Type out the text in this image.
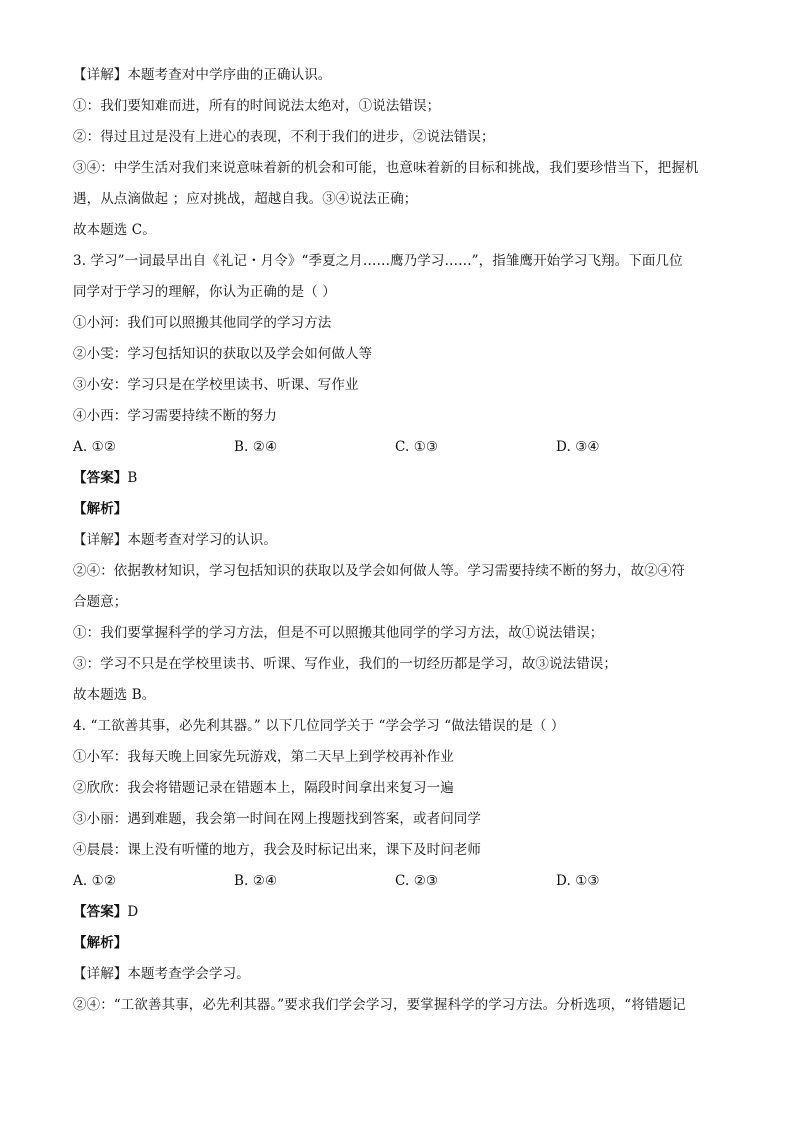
【详解】本题考查对中学序曲的正确认识。
①：我们要知难而进，所有的时间说法太绝对，①说法错误；
②：得过且过是没有上进心的表现，不利于我们的进步，②说法错误；
③④：中学生活对我们来说意味着新的机会和可能，也意味着新的目标和挑战，我们要珍惜当下，把握机
遇，从点滴做起 ；应对挑战，超越自我。③④说法正确；
故本题选 C。
3. 学习”一词最早出自《礼记・月令》“季夏之月……鹰乃学习……”，指雏鹰开始学习飞翔。下面几位
同学对于学习的理解，你认为正确的是（ ）
①小河：我们可以照搬其他同学的学习方法
②小雯：学习包括知识的获取以及学会如何做人等
③小安：学习只是在学校里读书、听课、写作业
④小西：学习需要持续不断的努力
A. ①②	B. ②④	C. ①③	D. ③④
【答案】B
【解析】
【详解】本题考查对学习的认识。
②④：依据教材知识，学习包括知识的获取以及学会如何做人等。学习需要持续不断的努力，故②④符
合题意；
①：我们要掌握科学的学习方法，但是不可以照搬其他同学的学习方法，故①说法错误；
③：学习不只是在学校里读书、听课、写作业，我们的一切经历都是学习，故③说法错误；
故本题选 B。
4. “工欲善其事，必先利其器。” 以下几位同学关于 “学会学习 “做法错误的是（ ）
①小军：我每天晚上回家先玩游戏，第二天早上到学校再补作业
②欣欣：我会将错题记录在错题本上，隔段时间拿出来复习一遍
③小丽：遇到难题，我会第一时间在网上搜题找到答案，或者问同学
④晨晨：课上没有听懂的地方，我会及时标记出来，课下及时问老师
A. ①②	B. ②④	C. ②③	D. ①③
【答案】D
【解析】
【详解】本题考查学会学习。
②④：“工欲善其事，必先利其器。”要求我们学会学习，要掌握科学的学习方法。分析选项，“将错题记
